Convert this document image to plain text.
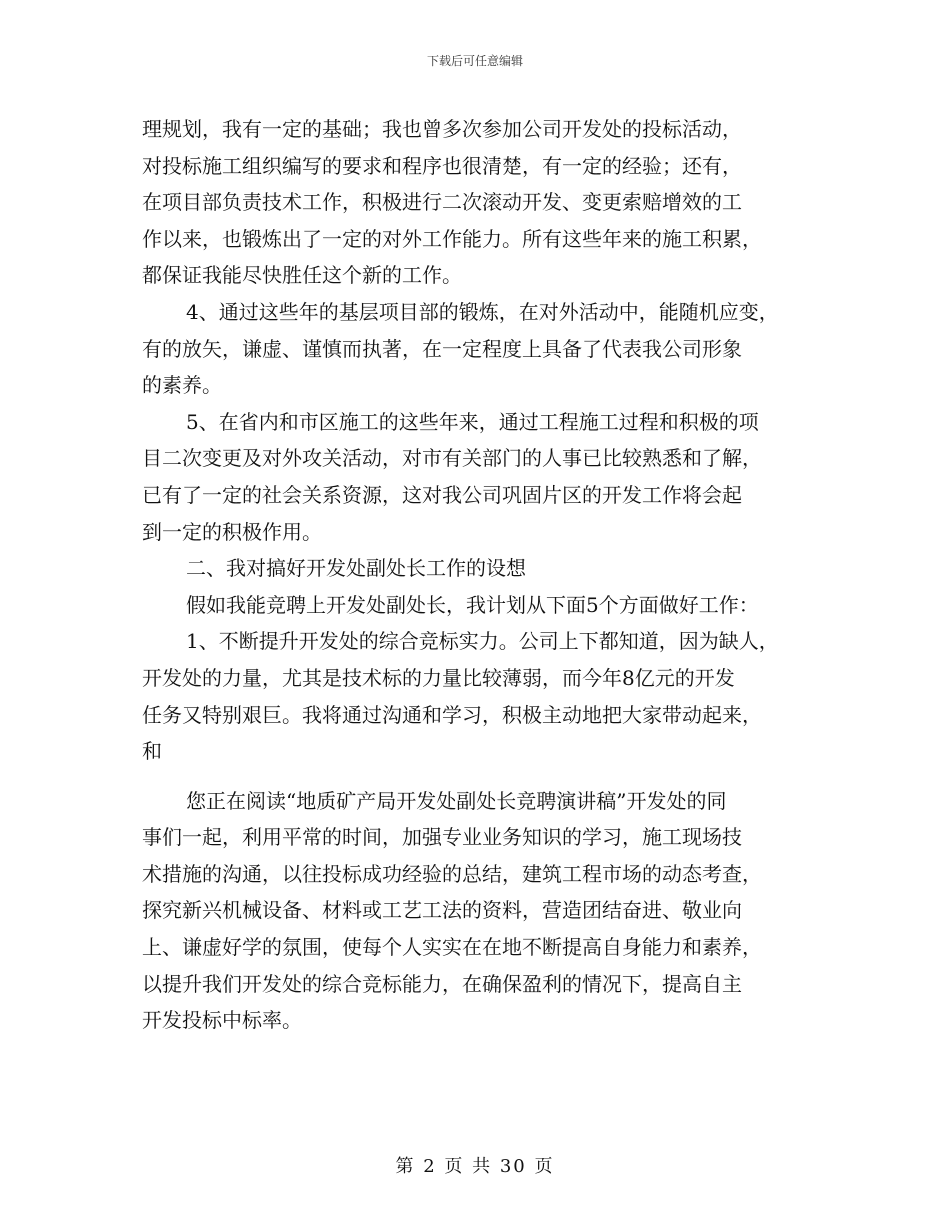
下载后可任意编辑
理规划，我有一定的基础；我也曾多次参加公司开发处的投标活动，
对投标施工组织编写的要求和程序也很清楚，有一定的经验；还有，
在项目部负责技术工作，积极进行二次滚动开发、变更索赔增效的工
作以来，也锻炼出了一定的对外工作能力。所有这些年来的施工积累，
都保证我能尽快胜任这个新的工作。
4、通过这些年的基层项目部的锻炼，在对外活动中，能随机应变，
有的放矢，谦虚、谨慎而执著，在一定程度上具备了代表我公司形象
的素养。
5、在省内和市区施工的这些年来，通过工程施工过程和积极的项
目二次变更及对外攻关活动，对市有关部门的人事已比较熟悉和了解，
已有了一定的社会关系资源，这对我公司巩固片区的开发工作将会起
到一定的积极作用。
二、我对搞好开发处副处长工作的设想
假如我能竞聘上开发处副处长，我计划从下面5个方面做好工作：
1、不断提升开发处的综合竞标实力。公司上下都知道，因为缺人，
开发处的力量，尤其是技术标的力量比较薄弱，而今年8亿元的开发
任务又特别艰巨。我将通过沟通和学习，积极主动地把大家带动起来，
和
您正在阅读“地质矿产局开发处副处长竞聘演讲稿”开发处的同
事们一起，利用平常的时间，加强专业业务知识的学习，施工现场技
术措施的沟通，以往投标成功经验的总结，建筑工程市场的动态考查，
探究新兴机械设备、材料或工艺工法的资料，营造团结奋进、敬业向
上、谦虚好学的氛围，使每个人实实在在地不断提高自身能力和素养，
以提升我们开发处的综合竞标能力，在确保盈利的情况下，提高自主
开发投标中标率。
第 2 页 共 30 页
